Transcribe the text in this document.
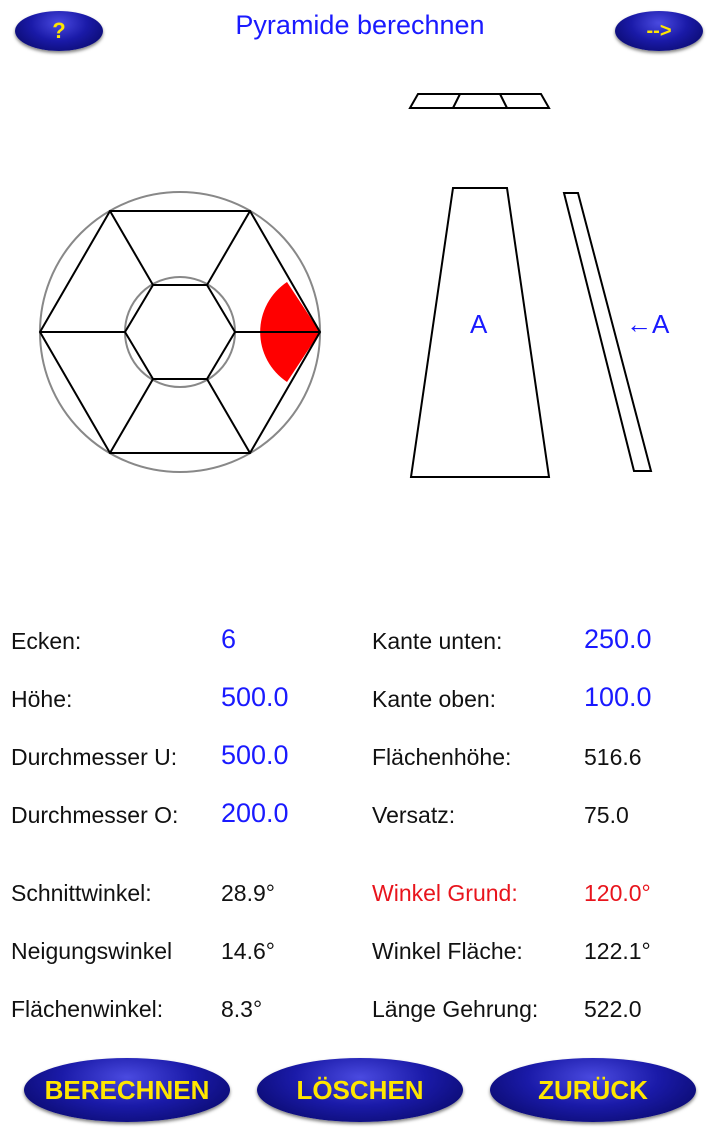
?	Pyramide berechnen	-->
A	←A
Ecken:	6
Höhe:	500.0
Durchmesser U: 500.0
Durchmesser O: 200.0
Schnittwinkel:	28.9°
Neigungswinkel 14.6°
Flächenwinkel:	8.3°
Kante unten:	250.0
Kante oben:	100.0
Flächenhöhe:	516.6
Versatz:	75.0
Winkel Grund:	120.0°
Winkel Fläche:	122.1°
Länge Gehrung: 522.0
BERECHNEN	LÖSCHEN	ZURÜCK
